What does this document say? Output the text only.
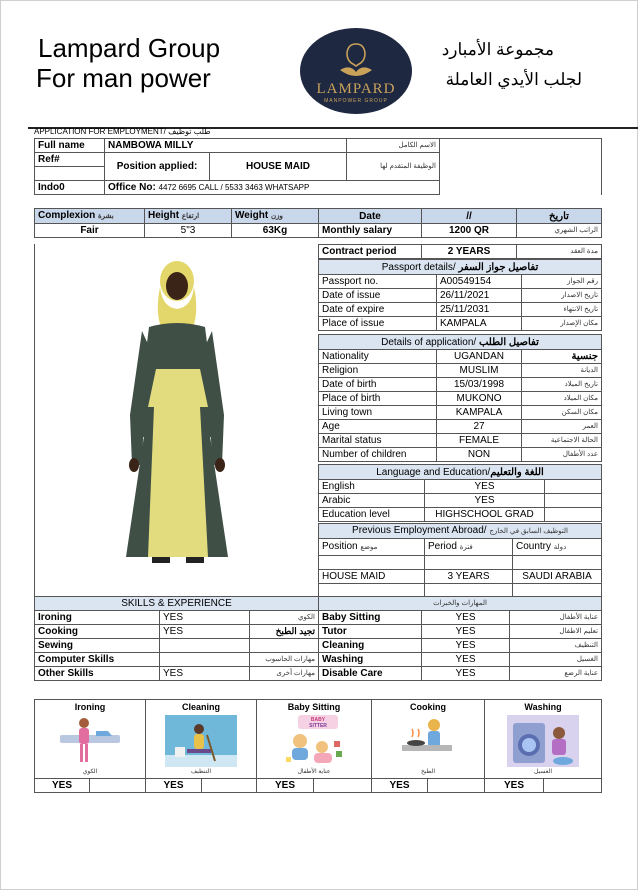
Lampard Group
For man power	LAMPARD
MANPOWER GROUP
مجموعة الأمبارد
لجلب الأيدي العاملة
APPLICATION FOR EMPLOYMENT/ طلب توظيف
Full name	NAMBOWA MILLY		الاسم الكامل	
Ref#	Position applied:	HOUSE MAID	الوظيفة المتقدم لها	

Indo0	Office No: 4472 6695 CALL / 5533 3463 WHATSAPP			
Complexion بشرة	Height ارتفاع	Weight وزن	Date	//	تاريخ
Fair	5"3	63Kg	Monthly salary	1200 QR	الراتب الشهري
Contract period	2 YEARS	مدة العقد
Passport details/ تفاصيل جواز السفر		
Passport no.	A00549154	رقم الجواز
Date of issue	26/11/2021	تاريخ الاصدار
Date of expire	25/11/2031	تاريخ الانتهاء
Place of issue	KAMPALA	مكان الإصدار
Details of application/ تفاصيل الطلب		
Nationality	UGANDAN	جنسية
Religion	MUSLIM	الديانة
Date of birth	15/03/1998	تاريخ الميلاد
Place of birth	MUKONO	مكان الميلاد
Living town	KAMPALA	مكان السكن
Age	27	العمر
Marital status	FEMALE	الحالة الاجتماعية
Number of children	NON	عدد الأطفال
Language and Education/اللغة والتعليم		
English	YES	
Arabic	YES	
Education level	HIGHSCHOOL GRAD	
Previous Employment Abroad/ التوظيف السابق في الخارج		
Position موضع	Period فترة	Country دولة

HOUSE MAID	3 YEARS	SAUDI ARABIA

SKILLS & EXPERIENCE			المهارات والخبرات		
Ironing	YES	الكوي	Baby Sitting	YES	عناية الأطفال
Cooking	YES	تجيد الطبخ	Tutor	YES	تعليم الاطفال
Sewing			Cleaning	YES	التنظيف
Computer Skills		مهارات الحاسوب	Washing	YES	الغسيل
Other Skills	YES	مهارات أخرى	Disable Care	YES	عناية الرضع
Ironing
الكوي

Cleaning
التنظيف

Baby Sitting
BABY
SITTER
عناية الأطفال

Cooking
الطبخ

Washing
الغسيل
YES		YES		YES		YES		YES	
